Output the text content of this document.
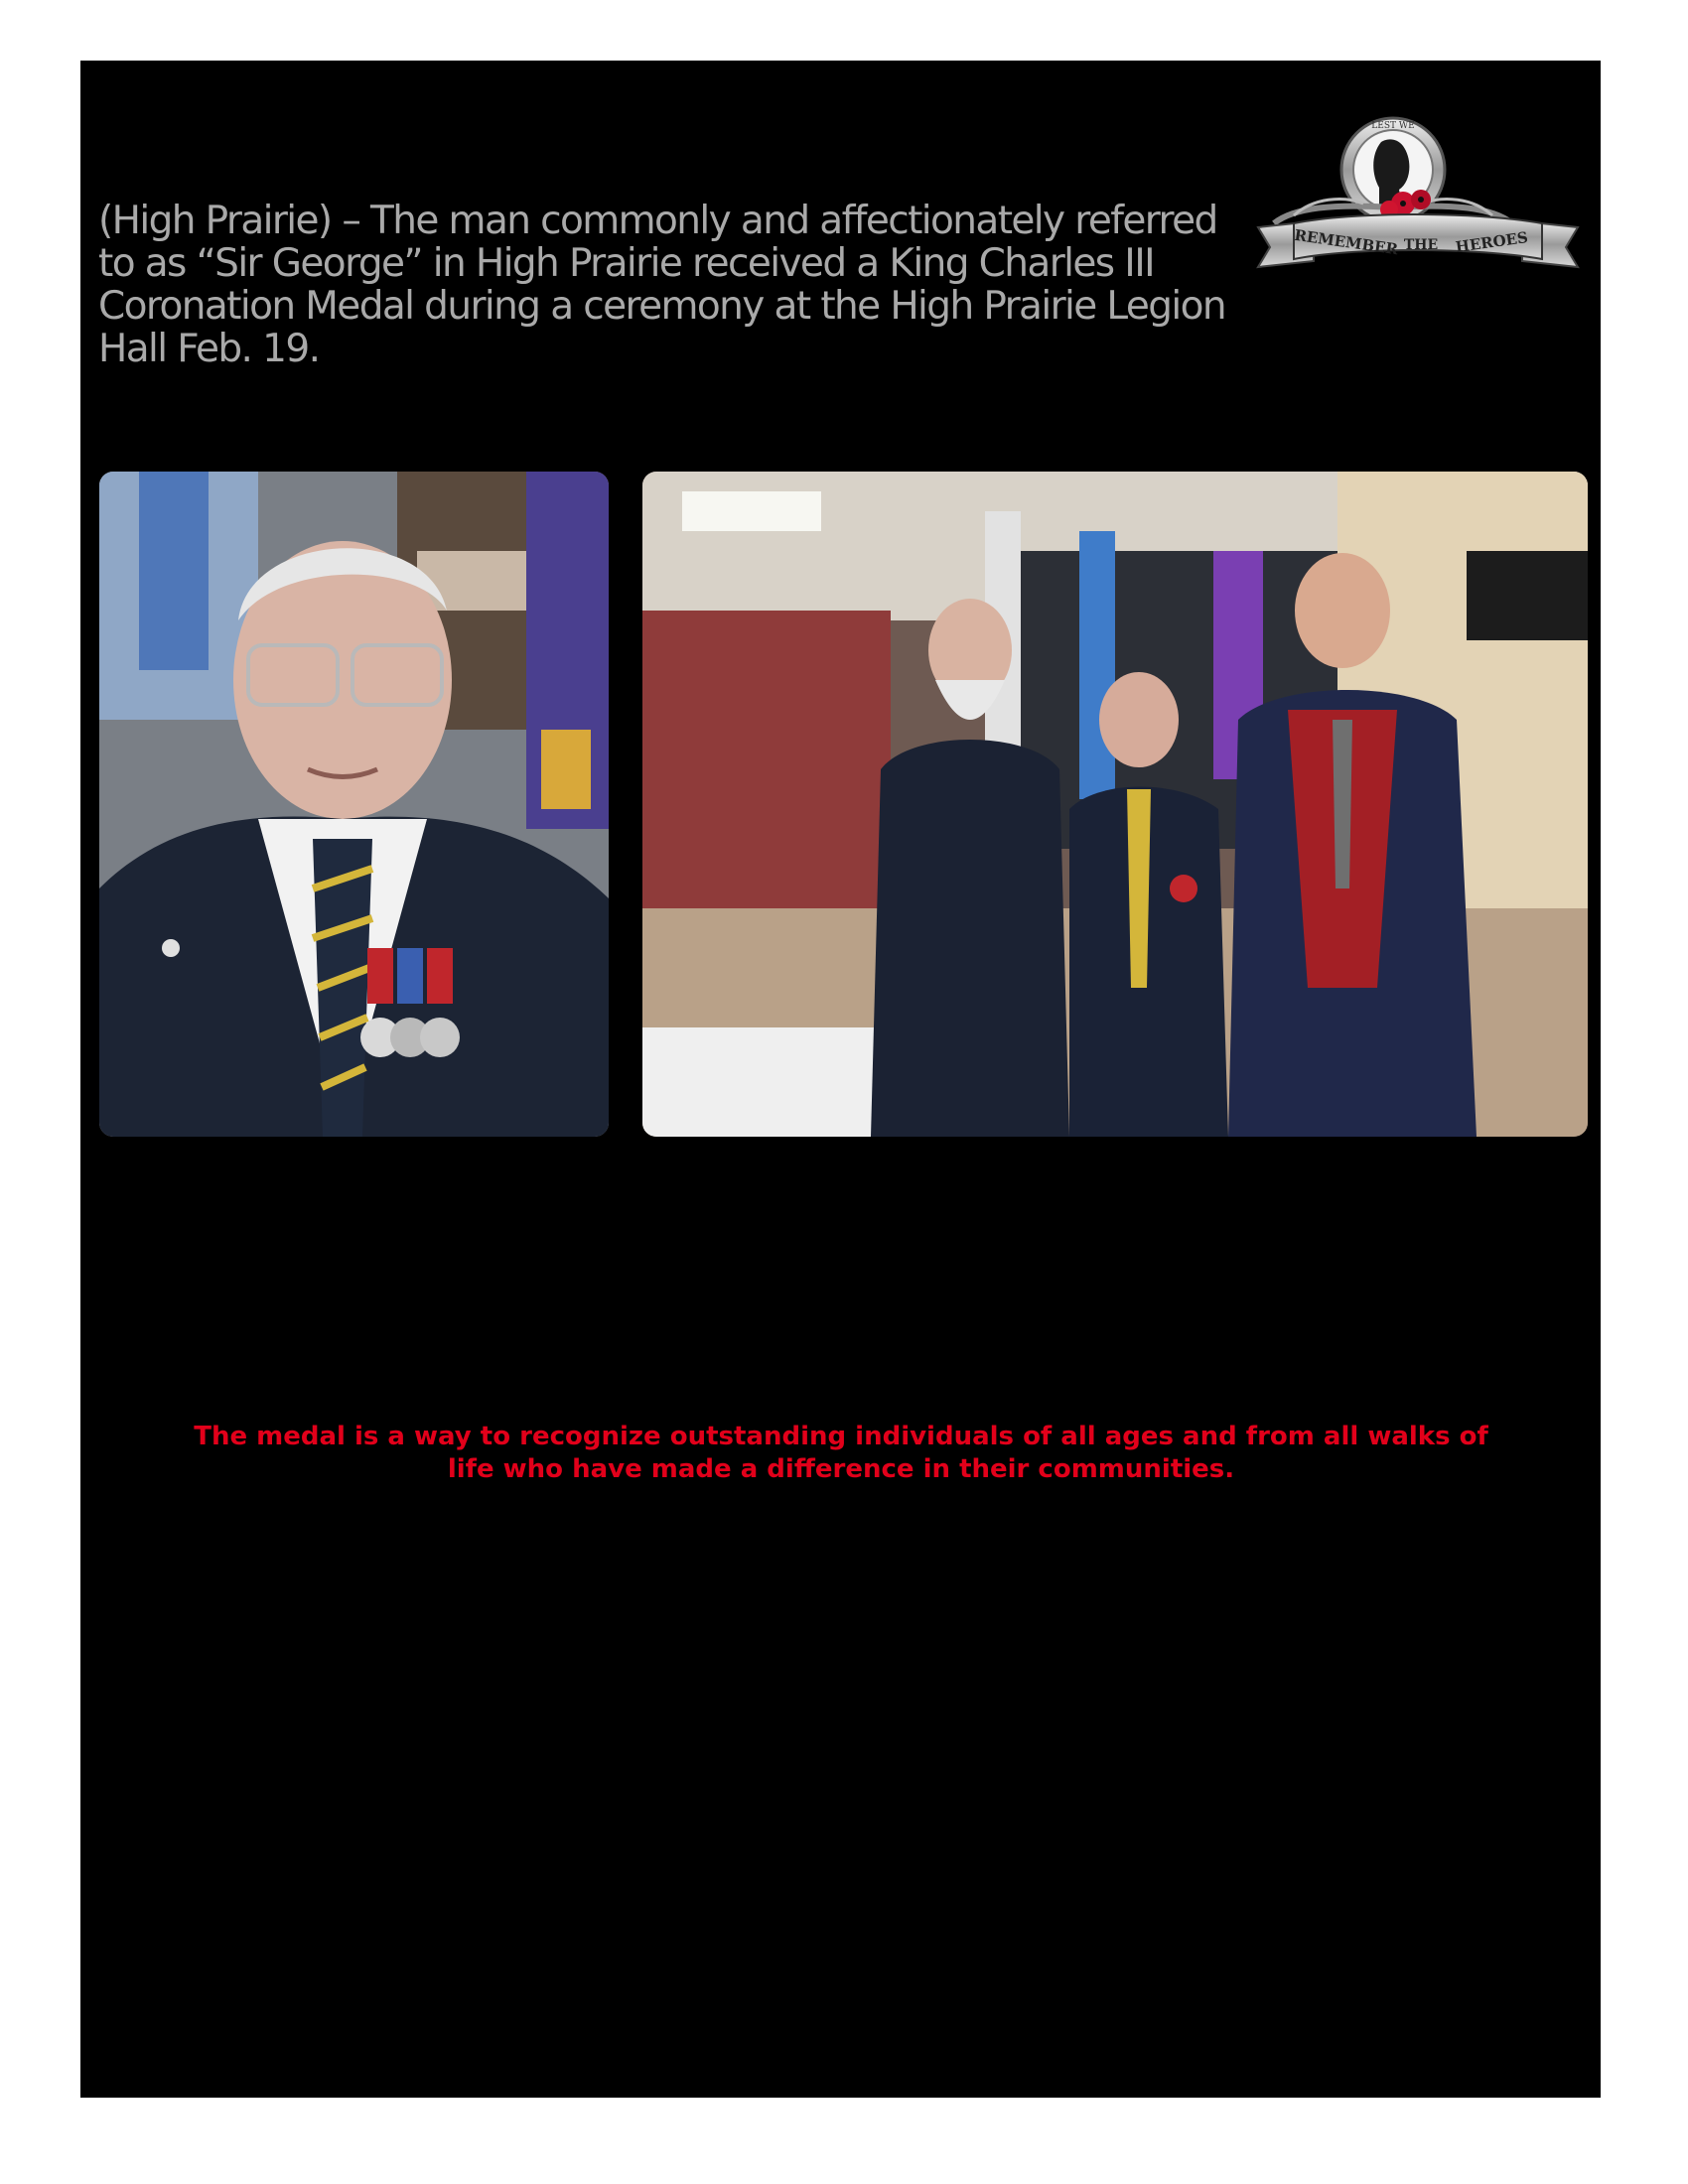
(High Prairie) – The man commonly and affectionately referred to as “Sir George” in High Prairie received a King Charles III Coronation Medal during a ceremony at the High Prairie Legion Hall Feb. 19.

LEST WE
REMEMBER THE HEROES

The medal is a way to recognize outstanding individuals of all ages and from all walks of life who have made a difference in their communities.
